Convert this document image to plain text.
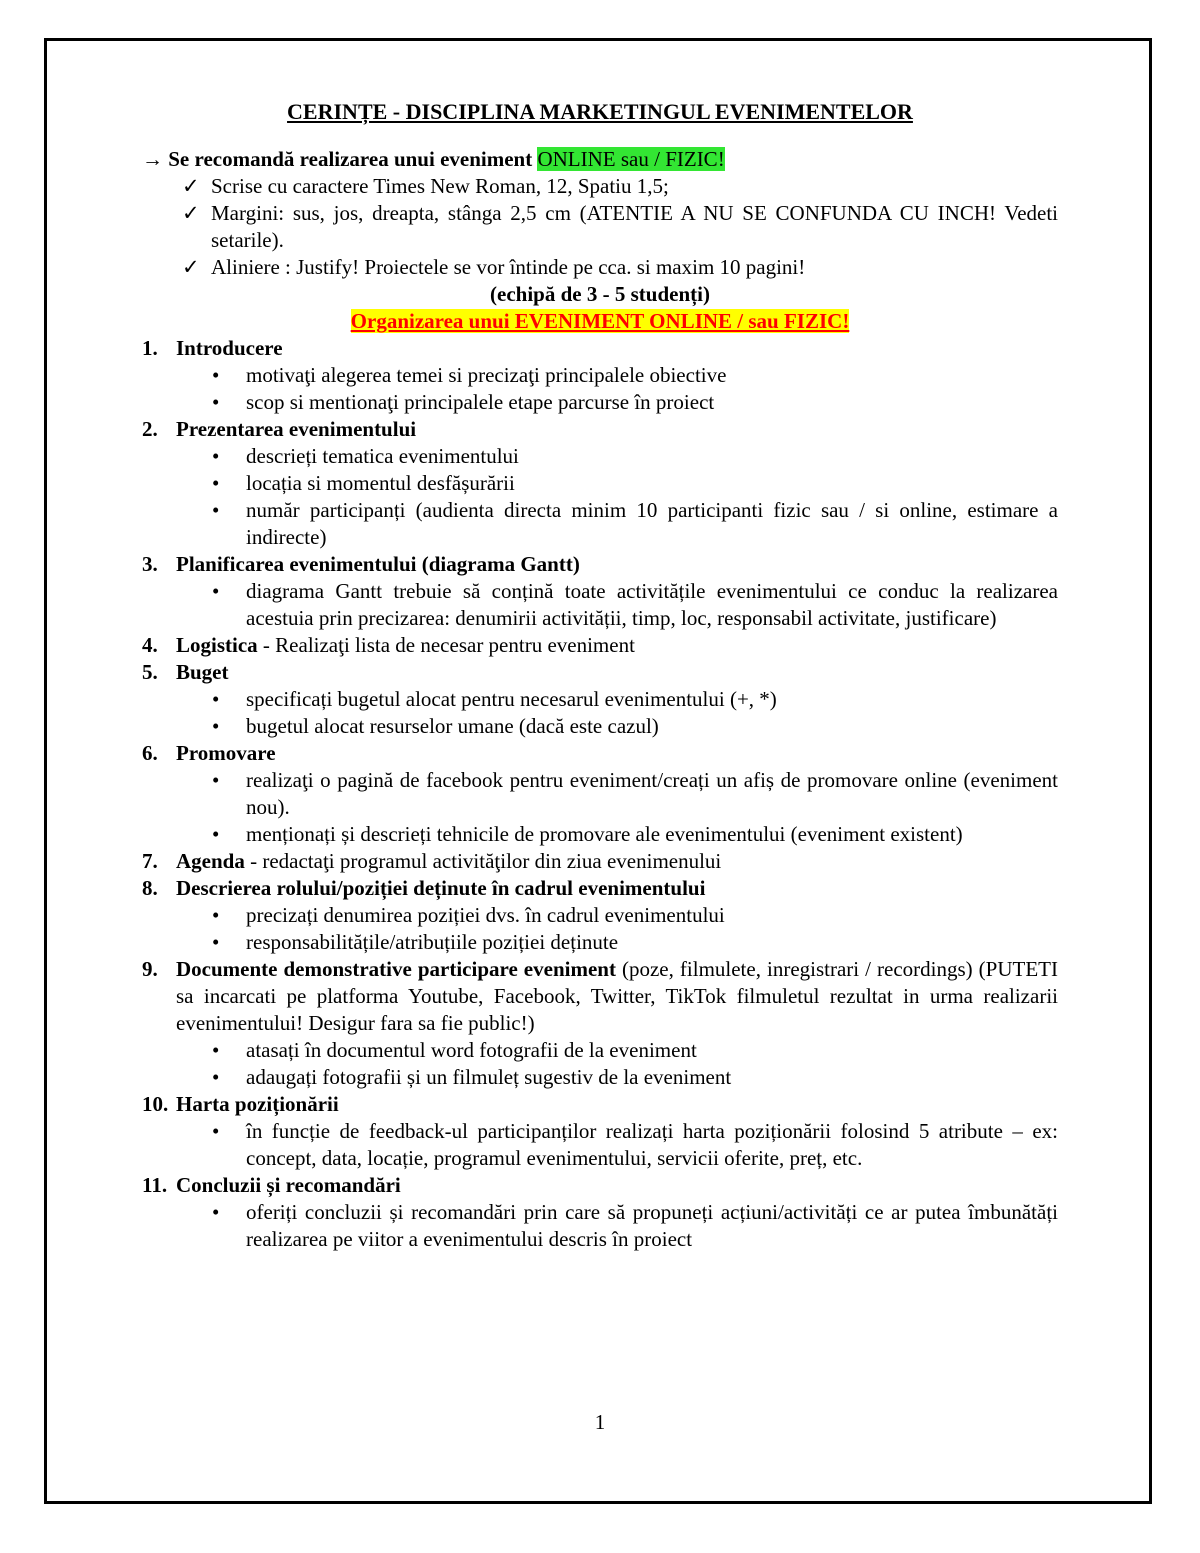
CERINȚE - DISCIPLINA MARKETINGUL EVENIMENTELOR
→ Se recomandă realizarea unui eveniment ONLINE sau / FIZIC!
✓ Scrise cu caractere Times New Roman, 12, Spatiu 1,5;
✓ Margini: sus, jos, dreapta, stânga 2,5 cm (ATENTIE A NU SE CONFUNDA CU INCH! Vedeti setarile).
✓ Aliniere : Justify! Proiectele se vor întinde pe cca. si maxim 10 pagini!
(echipă de 3 - 5 studenți)
Organizarea unui EVENIMENT ONLINE / sau FIZIC!
1. Introducere
• motivaţi alegerea temei si precizaţi principalele obiective
• scop si mentionaţi principalele etape parcurse în proiect
2. Prezentarea evenimentului
• descrieți tematica evenimentului
• locația si momentul desfășurării
• număr participanți (audienta directa minim 10 participanti fizic sau / si online, estimare a indirecte)
3. Planificarea evenimentului (diagrama Gantt)
• diagrama Gantt trebuie să conțină toate activitățile evenimentului ce conduc la realizarea acestuia prin precizarea: denumirii activității, timp, loc, responsabil activitate, justificare)
4. Logistica - Realizaţi lista de necesar pentru eveniment
5. Buget
• specificați bugetul alocat pentru necesarul evenimentului (+, *)
• bugetul alocat resurselor umane (dacă este cazul)
6. Promovare
• realizaţi o pagină de facebook pentru eveniment/creați un afiș de promovare online (eveniment nou).
• menționați și descrieți tehnicile de promovare ale evenimentului (eveniment existent)
7. Agenda - redactaţi programul activităţilor din ziua evenimenului
8. Descrierea rolului/poziției deținute în cadrul evenimentului
• precizați denumirea poziției dvs. în cadrul evenimentului
• responsabilitățile/atribuțiile poziției deținute
9. Documente demonstrative participare eveniment (poze, filmulete, inregistrari / recordings) (PUTETI sa incarcati pe platforma Youtube, Facebook, Twitter, TikTok filmuletul rezultat in urma realizarii evenimentului! Desigur fara sa fie public!)
• atasați în documentul word fotografii de la eveniment
• adaugați fotografii și un filmuleț sugestiv de la eveniment
10. Harta poziționării
• în funcție de feedback-ul participanților realizați harta poziționării folosind 5 atribute – ex: concept, data, locație, programul evenimentului, servicii oferite, preț, etc.
11. Concluzii și recomandări
• oferiți concluzii și recomandări prin care să propuneți acțiuni/activități ce ar putea îmbunătăți realizarea pe viitor a evenimentului descris în proiect
1
